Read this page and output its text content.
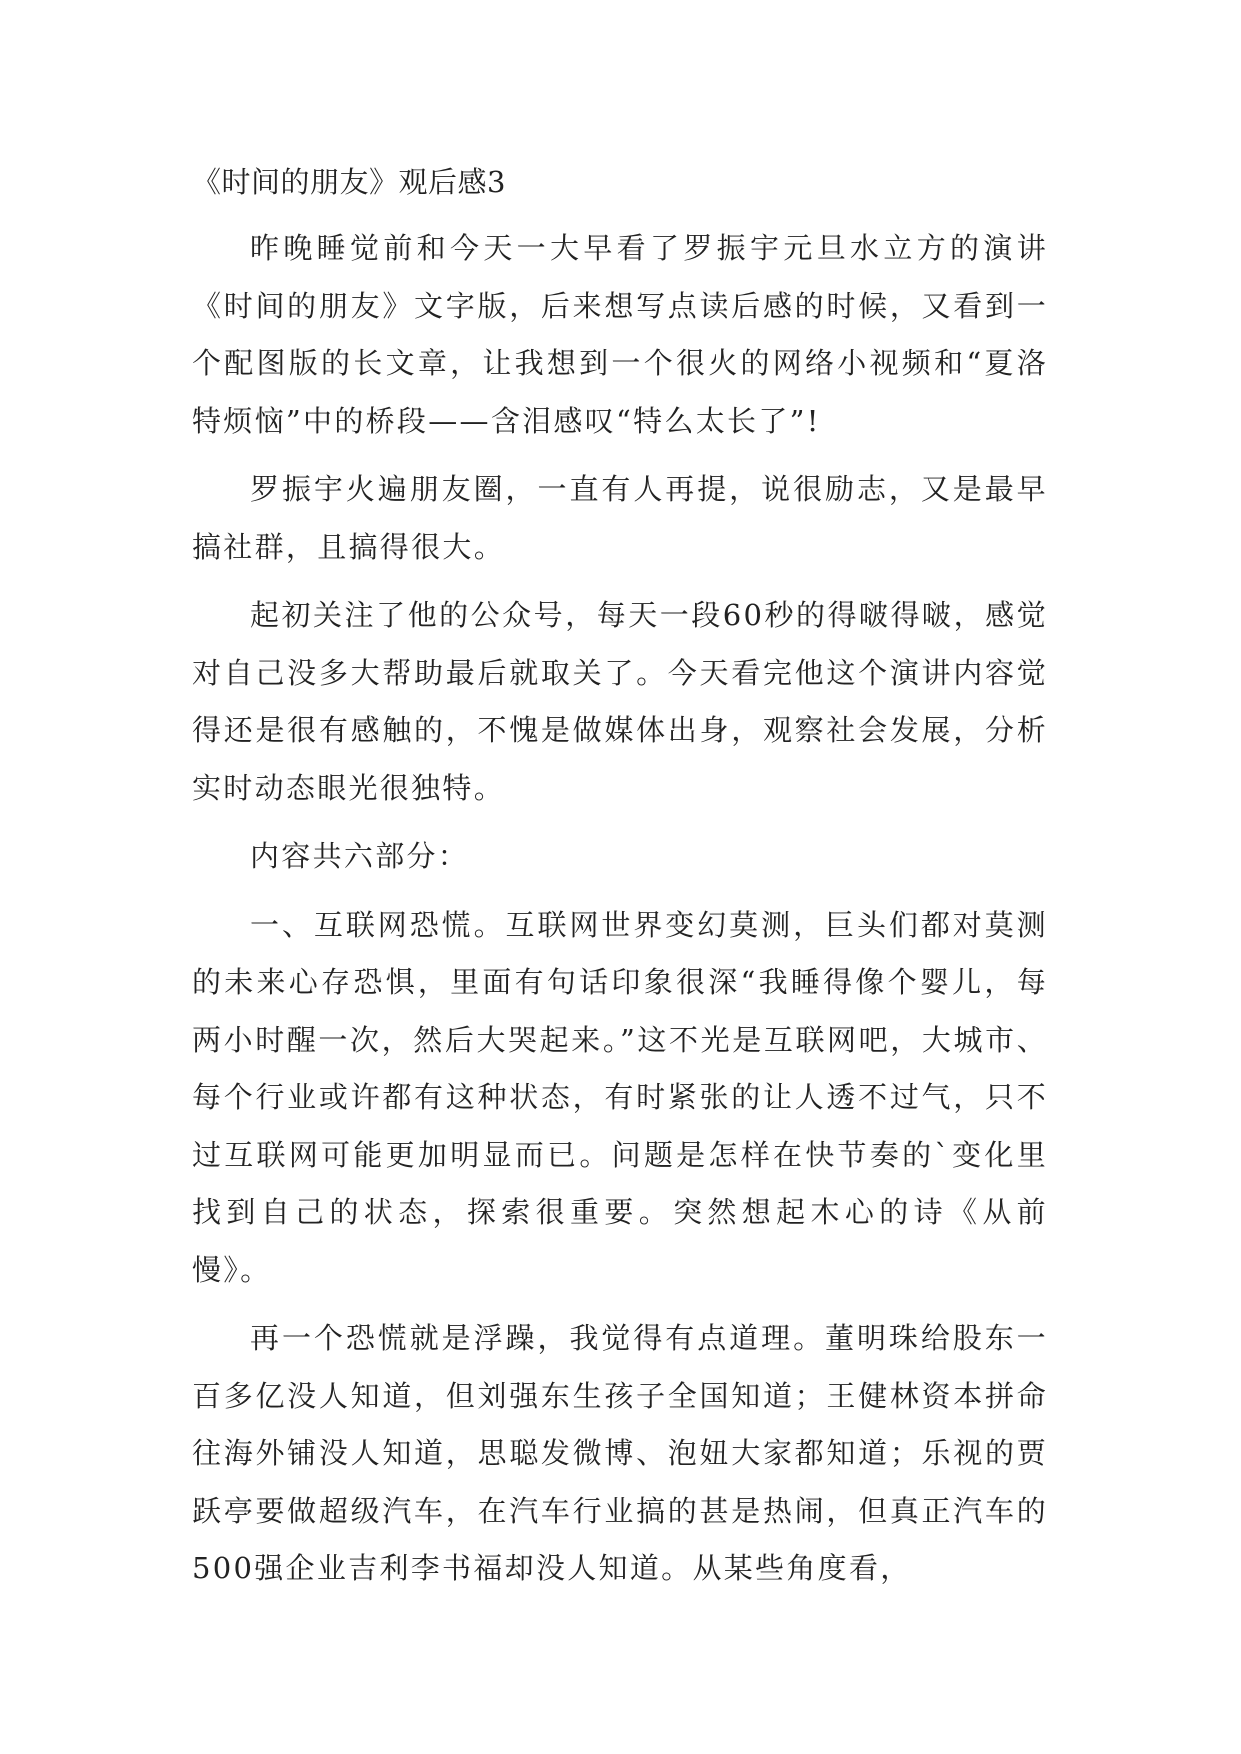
《时间的朋友》观后感3

昨晚睡觉前和今天一大早看了罗振宇元旦水立方的演讲《时间的朋友》文字版，后来想写点读后感的时候，又看到一个配图版的长文章，让我想到一个很火的网络小视频和“夏洛特烦恼”中的桥段——含泪感叹“特么太长了”!

罗振宇火遍朋友圈，一直有人再提，说很励志，又是最早搞社群，且搞得很大。

起初关注了他的公众号，每天一段60秒的得啵得啵，感觉对自己没多大帮助最后就取关了。今天看完他这个演讲内容觉得还是很有感触的，不愧是做媒体出身，观察社会发展，分析实时动态眼光很独特。

内容共六部分：

一、互联网恐慌。互联网世界变幻莫测，巨头们都对莫测的未来心存恐惧，里面有句话印象很深“我睡得像个婴儿，每两小时醒一次，然后大哭起来。”这不光是互联网吧，大城市、每个行业或许都有这种状态，有时紧张的让人透不过气，只不过互联网可能更加明显而已。问题是怎样在快节奏的`变化里找到自己的状态，探索很重要。突然想起木心的诗《从前慢》。

再一个恐慌就是浮躁，我觉得有点道理。董明珠给股东一百多亿没人知道，但刘强东生孩子全国知道；王健林资本拼命往海外铺没人知道，思聪发微博、泡妞大家都知道；乐视的贾跃亭要做超级汽车，在汽车行业搞的甚是热闹，但真正汽车的500强企业吉利李书福却没人知道。从某些角度看，
